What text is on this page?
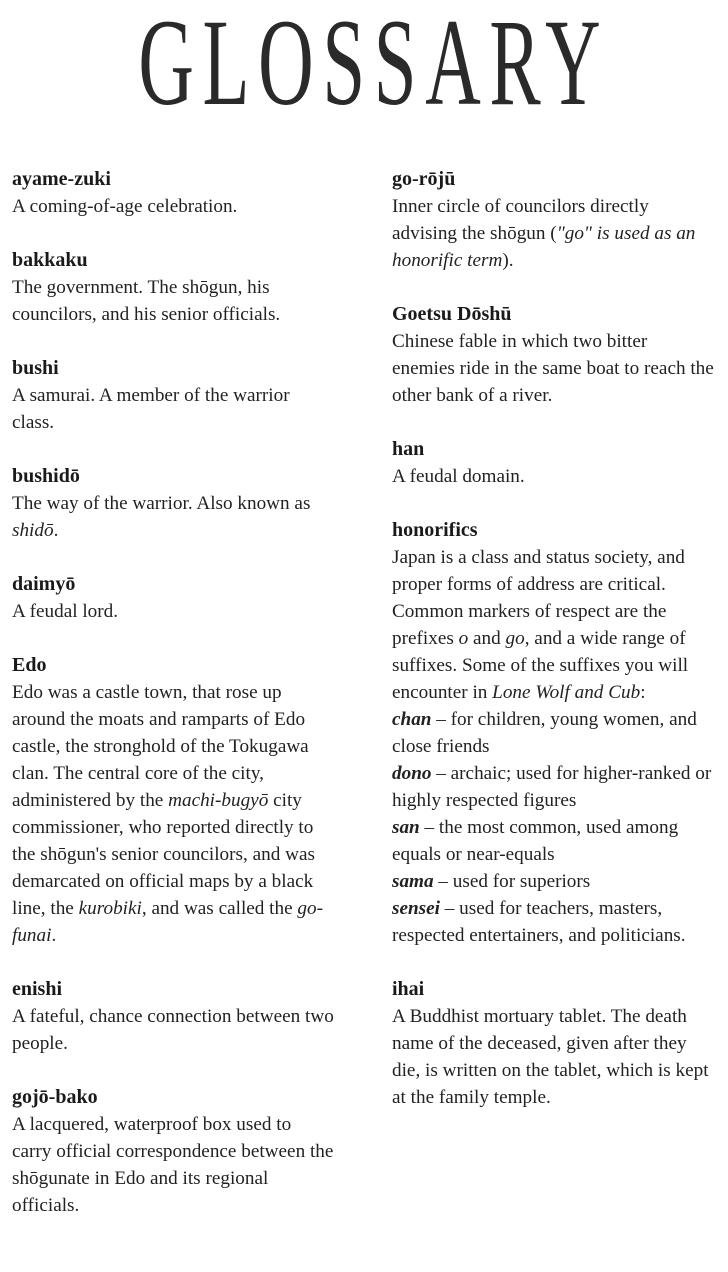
GLOSSARY
ayame-zuki
A coming-of-age celebration.
bakkaku
The government. The shōgun, his councilors, and his senior officials.
bushi
A samurai. A member of the warrior class.
bushidō
The way of the warrior. Also known as shidō.
daimyō
A feudal lord.
Edo
Edo was a castle town, that rose up around the moats and ramparts of Edo castle, the stronghold of the Tokugawa clan. The central core of the city, administered by the machi-bugyō city commissioner, who reported directly to the shōgun's senior councilors, and was demarcated on official maps by a black line, the kurobiki, and was called the go-funai.
enishi
A fateful, chance connection between two people.
gojō-bako
A lacquered, waterproof box used to carry official correspondence between the shōgunate in Edo and its regional officials.
go-rōjū
Inner circle of councilors directly advising the shōgun ("go" is used as an honorific term).
Goetsu Dōshū
Chinese fable in which two bitter enemies ride in the same boat to reach the other bank of a river.
han
A feudal domain.
honorifics
Japan is a class and status society, and proper forms of address are critical. Common markers of respect are the prefixes o and go, and a wide range of suffixes. Some of the suffixes you will encounter in Lone Wolf and Cub:
chan – for children, young women, and close friends
dono – archaic; used for higher-ranked or highly respected figures
san – the most common, used among equals or near-equals
sama – used for superiors
sensei – used for teachers, masters, respected entertainers, and politicians.
ihai
A Buddhist mortuary tablet. The death name of the deceased, given after they die, is written on the tablet, which is kept at the family temple.
